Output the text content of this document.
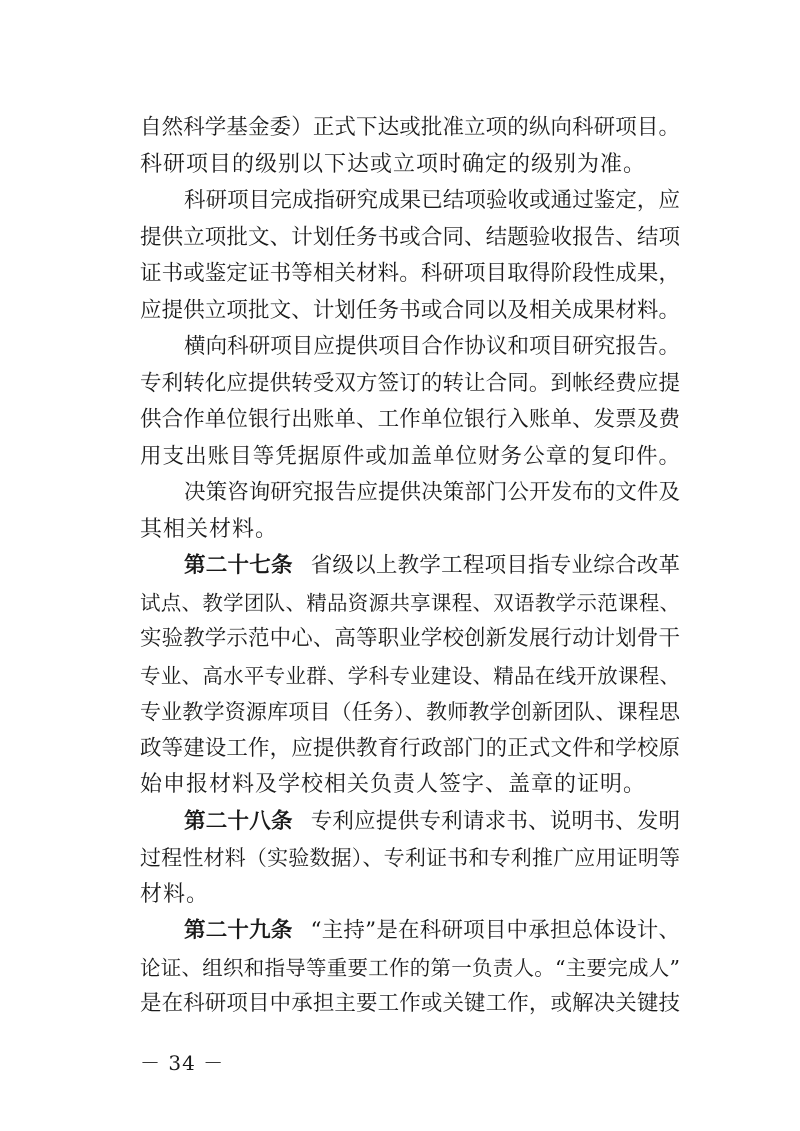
自然科学基金委）正式下达或批准立项的纵向科研项目。
科研项目的级别以下达或立项时确定的级别为准。
科研项目完成指研究成果已结项验收或通过鉴定，应
提供立项批文、计划任务书或合同、结题验收报告、结项
证书或鉴定证书等相关材料。科研项目取得阶段性成果，
应提供立项批文、计划任务书或合同以及相关成果材料。
横向科研项目应提供项目合作协议和项目研究报告。
专利转化应提供转受双方签订的转让合同。到帐经费应提
供合作单位银行出账单、工作单位银行入账单、发票及费
用支出账目等凭据原件或加盖单位财务公章的复印件。
决策咨询研究报告应提供决策部门公开发布的文件及
其相关材料。
第二十七条 省级以上教学工程项目指专业综合改革
试点、教学团队、精品资源共享课程、双语教学示范课程、
实验教学示范中心、高等职业学校创新发展行动计划骨干
专业、高水平专业群、学科专业建设、精品在线开放课程、
专业教学资源库项目（任务）、教师教学创新团队、课程思
政等建设工作，应提供教育行政部门的正式文件和学校原
始申报材料及学校相关负责人签字、盖章的证明。
第二十八条 专利应提供专利请求书、说明书、发明
－ 34 －
过程性材料（实验数据）、专利证书和专利推广应用证明等
材料。
第二十九条 “主持”是在科研项目中承担总体设计、
论证、组织和指导等重要工作的第一负责人。“主要完成人”
是在科研项目中承担主要工作或关键工作，或解决关键技
